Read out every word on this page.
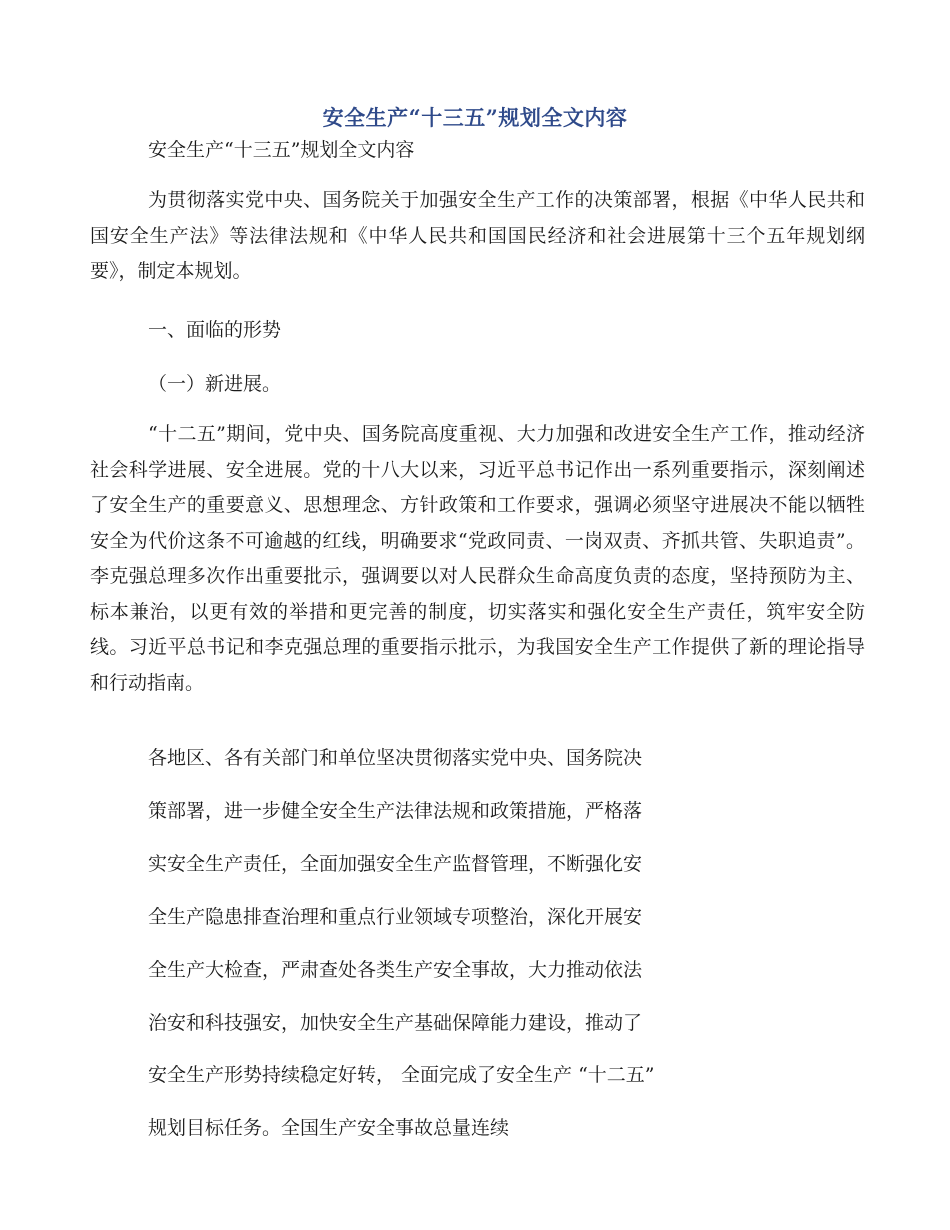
安全生产“十三五”规划全文内容
安全生产“十三五”规划全文内容

为贯彻落实党中央、国务院关于加强安全生产工作的决策部署，根据《中华人民共和国安全生产法》等法律法规和《中华人民共和国国民经济和社会进展第十三个五年规划纲要》，制定本规划。

一、面临的形势
（一）新进展。

“十二五”期间，党中央、国务院高度重视、大力加强和改进安全生产工作，推动经济社会科学进展、安全进展。党的十八大以来，习近平总书记作出一系列重要指示，深刻阐述了安全生产的重要意义、思想理念、方针政策和工作要求，强调必须坚守进展决不能以牺牲安全为代价这条不可逾越的红线，明确要求“党政同责、一岗双责、齐抓共管、失职追责”。李克强总理多次作出重要批示，强调要以对人民群众生命高度负责的态度，坚持预防为主、标本兼治，以更有效的举措和更完善的制度，切实落实和强化安全生产责任，筑牢安全防线。习近平总书记和李克强总理的重要指示批示，为我国安全生产工作提供了新的理论指导和行动指南。

各地区、各有关部门和单位坚决贯彻落实党中央、国务院决
策部署，进一步健全安全生产法律法规和政策措施，严格落
实安全生产责任，全面加强安全生产监督管理，不断强化安
全生产隐患排查治理和重点行业领域专项整治，深化开展安
全生产大检查，严肃查处各类生产安全事故，大力推动依法
治安和科技强安，加快安全生产基础保障能力建设，推动了
安全生产形势持续稳定好转， 全面完成了安全生产 “十二五”
规划目标任务。全国生产安全事故总量连续
